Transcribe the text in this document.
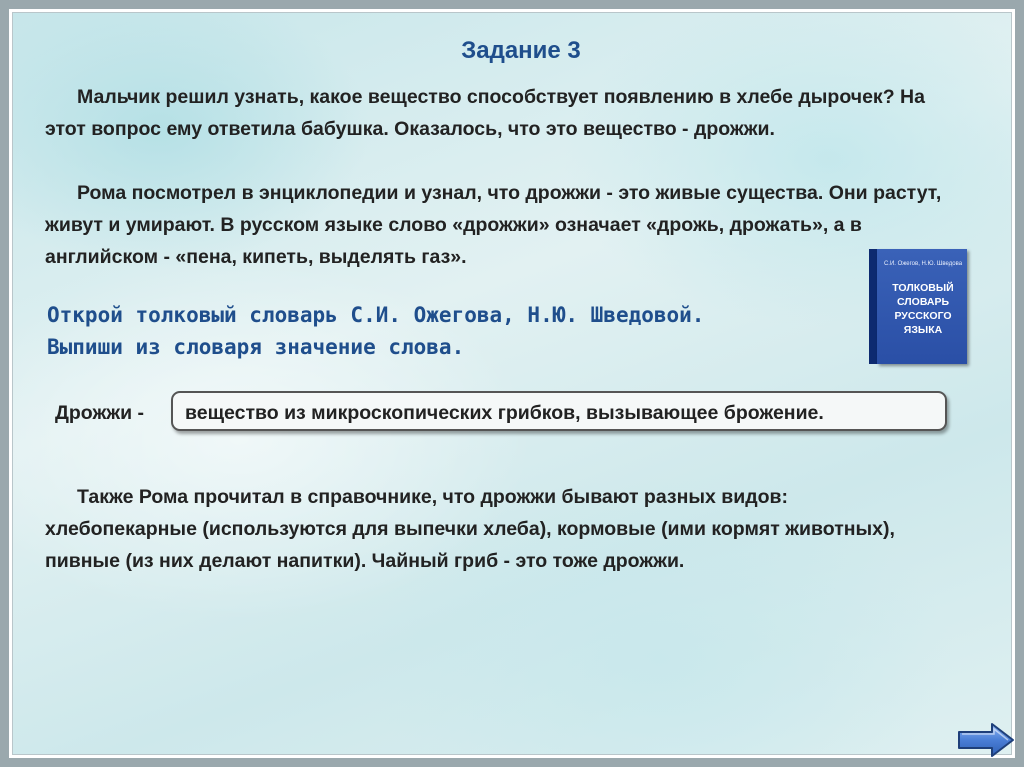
Задание 3

Мальчик решил узнать, какое вещество способствует появлению в хлебе дырочек? На этот вопрос ему ответила бабушка. Оказалось, что это вещество - дрожжи.

Рома посмотрел в энциклопедии и узнал, что дрожжи - это живые существа. Они растут, живут и умирают. В русском языке слово «дрожжи» означает «дрожь, дрожать», а в английском - «пена, кипеть, выделять газ».	С.И. Ожегов, Н.Ю. Шведова
ТОЛКОВЫЙ
СЛОВАРЬ
РУССКОГО
ЯЗЫКА
Открой толковый словарь С.И. Ожегова, Н.Ю. Шведовой.
Выпиши из словаря значение слова.
Дрожжи -	вещество из микроскопических грибков, вызывающее брожение.

Также Рома прочитал в справочнике, что дрожжи бывают разных видов: хлебопекарные (используются для выпечки хлеба), кормовые (ими кормят животных), пивные (из них делают напитки). Чайный гриб - это тоже дрожжи.
